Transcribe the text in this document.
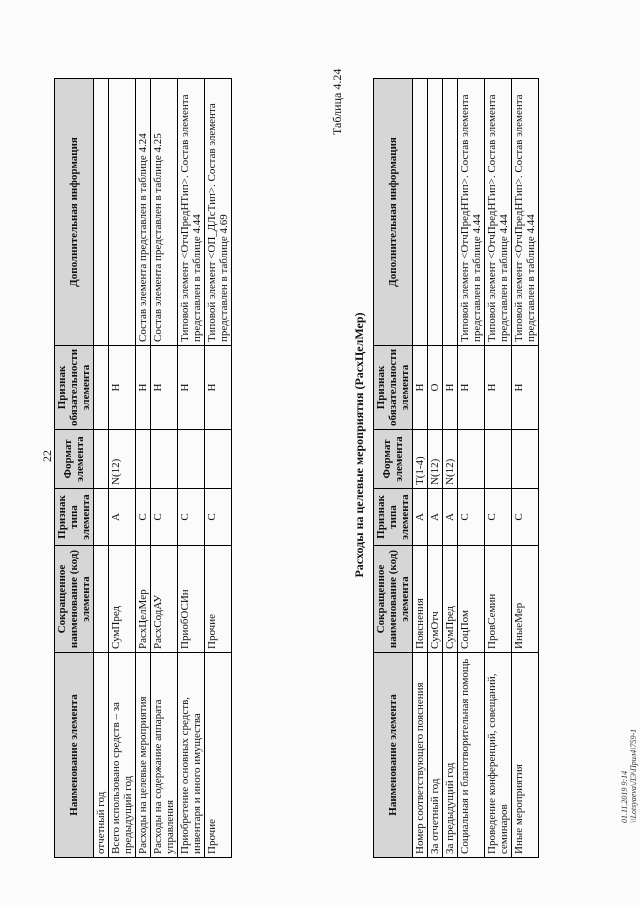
22
Наименование элемента	Сокращенное наименование (код) элемента	Признак типа элемента	Формат элемента	Признак обязательности элемента	Дополнительная информация
отчетный год					
Всего использовано средств – за предыдущий год	СумПред	А	N(12)	Н	
Расходы на целевые мероприятия	РасхЦелМер	С		Н	Состав элемента представлен в таблице 4.24
Расходы на содержание аппарата управления	РасхСодАУ	С		Н	Состав элемента представлен в таблице 4.25
Приобретение основных средств, инвентаря и иного имущества	ПриобОСИн	С		Н	Типовой элемент <ОтчПредНТип>. Состав элемента представлен в таблице 4.44
Прочие	Прочие	С		Н	Типовой элемент <ОП_ДЛсТип>. Состав элемента представлен в таблице 4.69
Таблица 4.24
Расходы на целевые мероприятия (РасхЦелМер)
Наименование элемента	Сокращенное наименование (код) элемента	Признак типа элемента	Формат элемента	Признак обязательности элемента	Дополнительная информация
Номер соответствующего пояснения	Пояснения	А	T(1-4)	Н	
За отчетный год	СумОтч	А	N(12)	О	
За предыдущий год	СумПред	А	N(12)	Н	
Социальная и благотворительная помощь	СоцПом	С		Н	Типовой элемент <ОтчПредНТип>. Состав элемента представлен в таблице 4.44
Проведение конференций, совещаний, семинаров	ПровСемин	С		Н	Типовой элемент <ОтчПредНТип>. Состав элемента представлен в таблице 4.44
Иные мероприятия	ИныеМер	С		Н	Типовой элемент <ОтчПредНТип>. Состав элемента представлен в таблице 4.44
01.11.2019 9:14 \\Lotsyaeva\ЛЭ\Прил4\759-1
